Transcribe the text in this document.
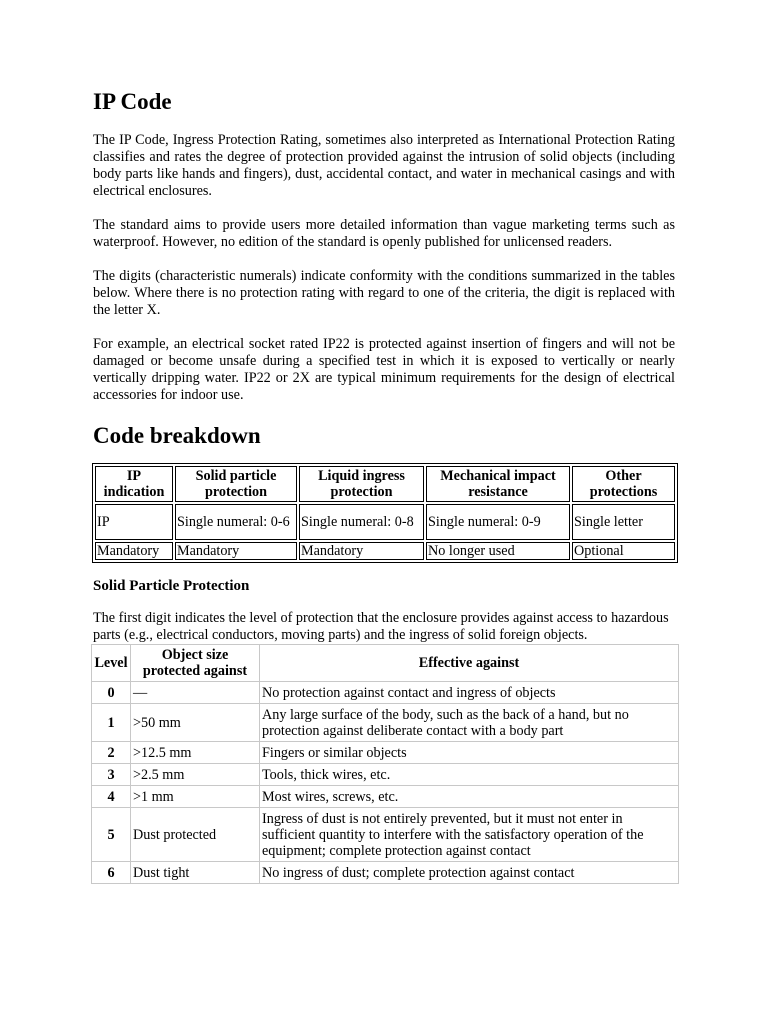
IP Code

The IP Code, Ingress Protection Rating, sometimes also interpreted as International Protection Rating classifies and rates the degree of protection provided against the intrusion of solid objects (including body parts like hands and fingers), dust, accidental contact, and water in mechanical casings and with electrical enclosures.

The standard aims to provide users more detailed information than vague marketing terms such as waterproof. However, no edition of the standard is openly published for unlicensed readers.

The digits (characteristic numerals) indicate conformity with the conditions summarized in the tables below. Where there is no protection rating with regard to one of the criteria, the digit is replaced with the letter X.

For example, an electrical socket rated IP22 is protected against insertion of fingers and will not be damaged or become unsafe during a specified test in which it is exposed to vertically or nearly vertically dripping water. IP22 or 2X are typical minimum requirements for the design of electrical accessories for indoor use.

Code breakdown
IP indication	Solid particle protection	Liquid ingress protection	Mechanical impact resistance	Other protections
IP	Single numeral: 0-6	Single numeral: 0-8	Single numeral: 0-9	Single letter
Mandatory	Mandatory	Mandatory	No longer used	Optional
Solid Particle Protection

The first digit indicates the level of protection that the enclosure provides against access to hazardous parts (e.g., electrical conductors, moving parts) and the ingress of solid foreign objects.

Level	Object size protected against	Effective against
0	—	No protection against contact and ingress of objects
1	>50 mm	Any large surface of the body, such as the back of a hand, but no protection against deliberate contact with a body part
2	>12.5 mm	Fingers or similar objects
3	>2.5 mm	Tools, thick wires, etc.
4	>1 mm	Most wires, screws, etc.
5	Dust protected	Ingress of dust is not entirely prevented, but it must not enter in sufficient quantity to interfere with the satisfactory operation of the equipment; complete protection against contact
6	Dust tight	No ingress of dust; complete protection against contact
